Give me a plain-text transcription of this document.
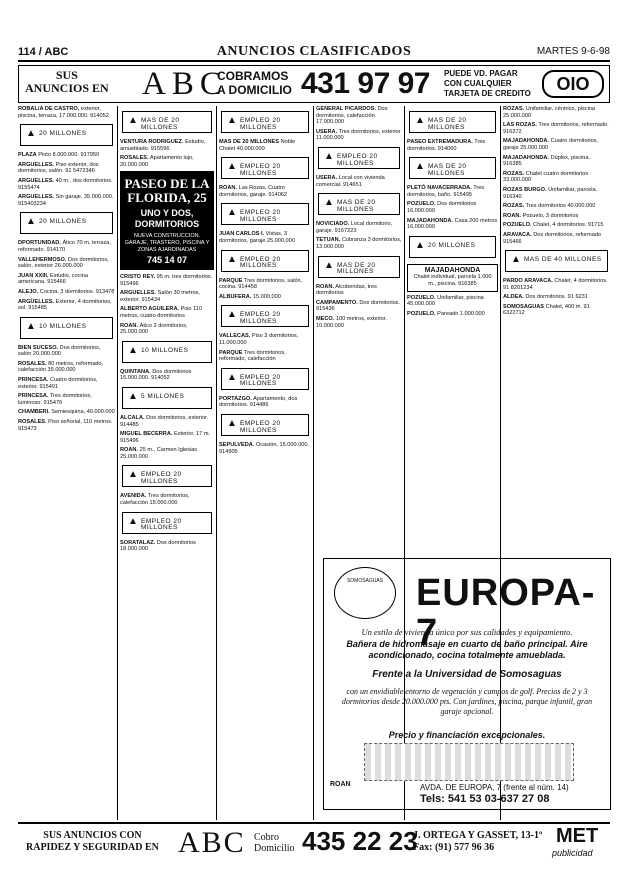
114 / ABC	ANUNCIOS CLASIFICADOS	MARTES 9-6-98
SUS
ANUNCIOS EN ABC
COBRAMOS
A DOMICILIO 431 97 97 PUEDE VD. PAGAR
CON CUALQUIER
TARJETA DE CREDITO	OIO

ROBAL/A DE CASTRO, exterior, piscina, terraza, 17.000.000. 914052

▲ 20 MILLONES

PLAZA Pinto 8.000.000. 917950

ARGUELLES. Piso exterior, dos dormitorios, salón. 91 5472346

ARGUELLES. 40 m., dos dormitorios. 9155474

ARGUELLES. Sin garaje, 35.000.000. 915403234

▲ 20 MILLONES

DPORTUNIDAD. Ático 70 m. terraza, reformado. 914170

VALLEHERMOSO. Dos dormitorios, salón, exterior 26.000.000

JUAN XXIII. Estudio, cocina americana. 915466

ALEJO. Cocina, 3 dormitorios. 913478

ARGÜELLES. Exterior, 4 dormitorios, sol. 915485

▲ 10 MILLONES

BIEN SUCESO. Dos dormitorios, salón 20.000.000

ROSALES. 80 metros, reformado, calefacción 35.000.000

PRINCESA. Cuatro dormitorios, exterior. 915491

PRINCESA. Tres dormitorios, luminoso. 915476

CHAMBERI. Semiesquina, 40.000.000

ROSALES. Piso señorial, 110 metros. 915473

▲ MAS DE 20 MILLONES

VENTURA RODRIGUEZ. Estudio, amueblado. 915596

ROSALES. Apartamento lujo, 20.000.000

PASEO DE LA FLORIDA, 25
UNO Y DOS, DORMITORIOS
NUEVA CONSTRUCCION. GARAJE, TRASTERO, PISCINA Y ZONAS AJARDINADAS
745 14 07

CRISTO REY. 95 m. tres dormitorios. 915496

ARGUELLES. Salón 30 metros, exterior. 915434

ALBERTO AGUILERA. Piso 110 metros, cuatro dormitorios

ROAN. Ático 2 dormitorios, 25.000.000

▲ 10 MILLONES

QUINTANA. Dos dormitorios 15.000.000. 914052

▲ 5 MILLONES

ALCALA. Dos dormitorios, exterior. 914485

MIGUEL BECERRA. Exterior, 17 m. 915496

ROAN. 25 m., Carmen Iglesias 25.000.000

▲ EMPLEO 20 MILLONES

AVENIDA. Tres dormitorios, calefacción 15.000.000

▲ EMPLEO 20 MILLONES

SORATALAZ. Dos dormitorios 18.000.000

▲ EMPLEO 20 MILLONES

MAS DE 20 MILLONES Noble Chalet 40.000.000

▲ EMPLEO 20 MILLONES

ROAN. Las Rozas, Cuatro dormitorios, garaje. 914062

▲ EMPLEO 20 MILLONES

JUAN CARLOS I. Vistas, 3 dormitorios, garaje 25.000.000

▲ EMPLEO 20 MILLONES

PARQUE Tres dormitorios, salón, cocina. 914458

ALBUFERA. 15.000.000

▲ EMPLEO 20 MILLONES

VALLECAS. Piso 3 dormitorios, 11.000.000

PARQUE Tres dormitorios, reformado, calefacción

▲ EMPLEO 20 MILLONES

PORTAZGO. Apartamento, dos dormitorios. 914486

▲ EMPLEO 20 MILLONES

SEPULVEDA. Ocasión, 15.000.000. 914905

GENERAL PICARDOS. Dos dormitorios, calefacción 17.000.000

USERA. Tres dormitorios, exterior 11.000.000

▲ EMPLEO 20 MILLONES

USERA. Local con vivienda comercial. 914651

▲ MAS DE 20 MILLONES

NOVICIADO. Local dormitorio, garaje. 9167223

TETUAN. Cobranza 3 dormitorios, 13.000.000

▲ MAS DE 20 MILLONES

ROAN. Alcobendas, tres dormitorios

CAMPAMENTO. Dos dormitorios. 915436

MECO. 100 metros, exterior. 10.000.000

▲ MAS DE 20 MILLONES

PASEO EXTREMADURA. Tres dormitorios. 914060

▲ MAS DE 20 MILLONES

PLETÓ NAVACERRADA. Tres dormitorios, baño. 915495

POZUELO. Dos dormitorios 16.000.000

MAJADAHONDA. Casa 200 metros 16.000.000

▲ 20 MILLONES
MAJADAHONDA
Chalet individual, parcela 1.000 m., piscina. 916385

POZUELO. Unifamiliar, piscina 45.000.000

POZUELO. Pareado 1.000.000

ROZAS. Unifamiliar, céntrico, piscina 25.000.000

LAS ROZAS. Tres dormitorios, reformado. 916372

MAJADAHONDA. Cuatro dormitorios, garaje 25.000.000

MAJADAHONDA. Dúplex, piscina. 916385

ROZAS. Chalet cuatro dormitorios 33.000.000

ROZAS BURGO. Unifamiliar, parcela. 916340

ROZAS. Tres dormitorios 40.000.000

ROAN. Pozuelo, 3 dormitorios

POZUELO. Chalet, 4 dormitorios. 91715

ARAVACA. Dos dormitorios, reformado 915466

▲ MAS DE 40 MILLONES

PARDO ARAVACA. Chalet, 4 dormitorios. 91 8201234

ALDEA. Dos dormitorios. 91 6231

SOMOSAGUAS Chalet, 400 m. 91 6322712

SOMOSAGUAS EUROPA-7
Un estilo de vivienda único por sus calidades y equipamiento.
Bañera de hidromasaje en cuarto de baño principal. Aire acondicionado, cocina totalmente amueblada.
Frente a la Universidad de Somosaguas
con un envidiable entorno de vegetación y campos de golf. Precios de 2 y 3 dormitorios desde 20.000.000 pts. Con jardines, piscina, parque infantil, gran garaje opcional.
Precio y financiación excepcionales.
ROAN	AVDA. DE EUROPA, 7 (frente al núm. 14)
Tels: 541 53 03-637 27 08
SUS ANUNCIOS CON
RAPIDEZ Y SEGURIDAD EN ABC Cobro
Domicilio 435 22 23
J. ORTEGA Y GASSET, 13-1º
Fax: (91) 577 96 36
MET
publicidad
